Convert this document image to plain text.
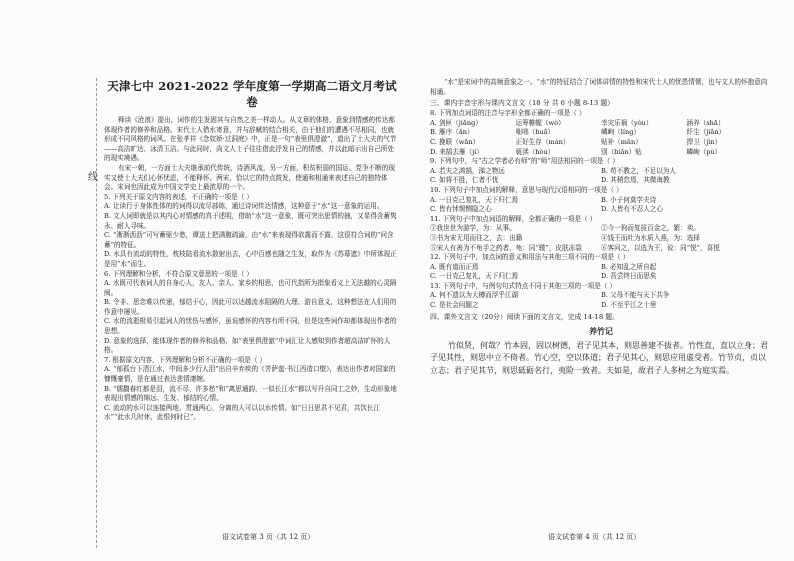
线
天津七中 2021-2022 学年度第一学期高二语文月考试卷

释读《沧浪》提出，词作的生发固其与自然之美一样动人。从文章的体格、意象到情感的传达都体现作者的修养和品格。宋代士人借水寄意，并与辞赋的结合相关，由于他们的遭遇不尽相同，也就形成不同风格的词风。在张孝祥《念奴娇·过洞庭》中，正是一句“表里俱澄澈”，道出了士大夫的气节——高洁旷达、冰清玉洁。与此同时，尚文人士子往往借此抒发自己的情感，并以此暗示出自己所处的现实境遇。

有宋一朝，一方面士大夫继承前代传统，诗酒风流，另一方面，积贫积弱的国运、党争不断的现实又使士大夫们心怀忧虑，不能释怀。两宋，恰以它的特点鼓发，使通和相通来表述自己的独特体会。宋词也因此成为中国文学史上最浓厚的一个。

5. 下列关于原文内容的表述，不正确的一项是（ ）

A. 让读行于身体性体的的词得以流尽部练，通过诗词传达情感，这种意于“水”这一意象的运用。

B. 文人词即就是以其内心对情感的真于述明，借助“水”这一意象，既可突出思情的抽，又显得含蓄隽永、耐人寻味。

C. “淅淅沥沥”可写蓄驱少愁，谭送上把满腹疏渝，由“水”来表现得欲露而不露，这很符合词的“问含蓄”的特征。

D. 水具有流动的特性，枕枝陆看流水散射出去，心中百感也随之生发，取作为《苏幕遮》中所体现正是用“水”而生。

6. 下列理解和分析，不符合原文意思的一项是（ ）

A. 水既可代表词人的自身心人，友人、亲人、家乡的相思，也可代指所为指象看义上无法越的心灵隔阂。

B. 令非、思念难以传递，郁结于心，因此可以达越流水阻隔的大理、游自意义，这种想法在人们用的作意中屡见。

C. 水的流逝极易引起词人的忧伤与感怀，虽说感怀的内容有所不同，但是这些词作却都体现出作者的思想。

D. 意象的选择，能体现作者的修养和品格，如“表里俱澄澈”中词汇让人感知到作者超高洁旷怀的人格。

7. 根据原文内容，下列理解和分析不正确的一项是（ ）

A. “郁孤台下清江水，中间多少行人泪”出自辛弃疾的《菩萨蛮·书江西造口壁》，表达出作者对国家的慷慨豪情，是在通过表达悲情凄婉。

B. “儒馥春红都是泪，流不尽，许多愁”和“离思通韵，一似长江水”都以写升自同工之妙，生动形象地表现出情感的绵远、生发、郁结的心情。

C. 流动的水可以连接两地，贯通两心，分离的人可以以水传情。如“日日思君不见君，共饮长江水”“此水几时休，此恨何时已”。

“水”是宋词中的高频意象之一。“水”的特征结合了词体讲情的特性和宋代士人的忧患情愫，也与文人的怀抱意向相通。

三、课内字音字形与课内文言文（18 分 共 6 小题 8-13 题）

8. 下列加点词语的注音与字形全都正确的一项是（ ）

A. 剑匣（jiǎng）	运筹帷幄（wò）	幸灾乐祸（yòu）	涵养（shā）
B. 雁序（ǎn）	咄咄（huǎ）	嶙峋（líng）	纤尘（jiǎn）
C. 挽联（wǎn）	正好生存（mán）	贴补（mān）	捍卫（jìn）
D. 来鹄去雁（jí）	亵渎（hòu）	别（biān）贴	嶙峋（pù）

9. 下列句中，与“古之学者必有师”的“师”用法相同的一项是（ ）

A. 若夫之鸿鹄，涕之物远	B. 苟不教之，不足以为人
C. 如将不胜，仁者不忧	D. 其稍怠焉，其微诲教

10. 下列句子中加点词的解释，意思与现代汉语相同的一项是（ ）

A. 一日克己复礼，天下归仁焉	B. 小子何莫学夫诗
C. 皆有怵惕恻隐之心	D. 人皆有不忍人之心

11. 下列句子中加点词语的解释，全都正确的一项是（ ）

①我世世为游学，为：从事。	②今一狗而复拔百金之，繁：卖。
③书为宋无用而往之，去：出籍	④钱王而吐为水质入燕，为：选择
⑤宋人有善为不龟手之药者，龟：同“皲”，皮肤冻裂	⑥客问之，以选为王，说：同“悦”，喜悦

12. 下列句子中，加点词的意义和用法与其他三项不同的一项是（ ）

A. 既有道而正焉	B. 必知乱之所自起
C. 一日克己复礼，天下归仁焉	D. 吾尝终日而思矣

13. 下列句子中，与例句句式特点不同于其他三项的一项是（ ）

A. 何不遗以为大樽而浮乎江湖	B. 父母不能与天下共争
C. 是社会问题之	D. 不至乎江之十里

四、课外文言文（20分）阅读下面的文言文，完成 14-18 题。

养竹记

竹似贤，何哉？竹本固，固以树德，君子见其本，则思善建不拔者。竹性直，直以立身；君子见其性，则思中立不倚者。竹心空，空以体道；君子见其心，则思应用虚受者。竹节贞，贞以立志；君子见其节，则思砥砺名行，夷险一致者。夫如是，故君子人多树之为庭实焉。

语文试卷第 3 页（共 12 页）	语文试卷第 4 页（共 12 页）
